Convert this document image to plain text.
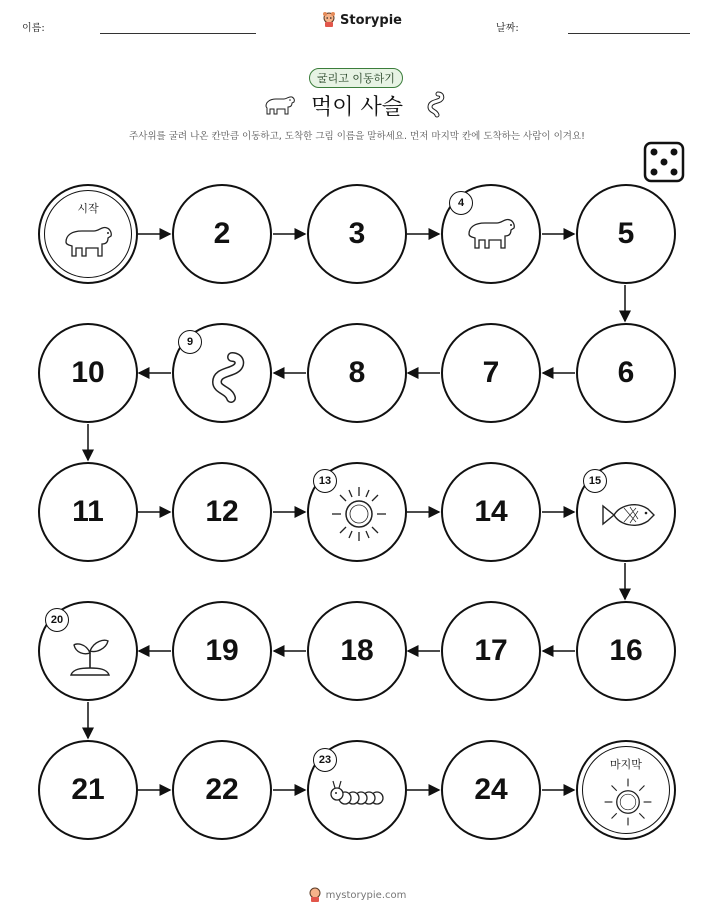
이름:
Storypie
날짜:
굴리고 이동하기
먹이 사슬
주사위를 굴려 나온 칸만큼 이동하고, 도착한 그림 이름을 말하세요. 먼저 마지막 칸에 도착하는 사람이 이겨요!
시작
2	3
4
5
6
7
8
9
10
11	12
13
14
15
16
17
18
19
20
21	22
23
24
마지막
mystorypie.com
